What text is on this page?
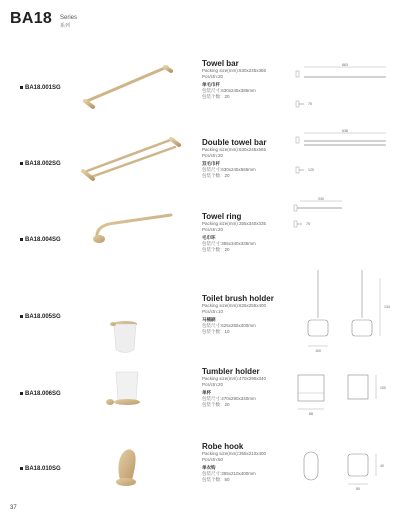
BA18 Series
系列
BA18.001SG
Towel bar
Packing size(mm):630x245x385
Pcs/ctn:20
单毛巾杆
包装尺寸:630x245x385mm
包装个数：20
663
75
BA18.002SG
Double towel bar
Packing size(mm):630x245x565
Pcs/ctn:20
双毛巾杆
包装尺寸:630x245x565mm
包装个数：20
638
120
BA18.004SG
Towel ring
Packing size(mm):355x340x335
Pcs/ctn:20
毛巾环
包装尺寸:355x340x335mm
包装个数：20
230
75
BA18.005SG
Toilet brush holder
Packing size(mm):625x255x400
Pcs/ctn:10
马桶刷
包装尺寸:625x255x400mm
包装个数：10
100
134
BA18.006SG
Tumbler holder
Packing size(mm):470x290x340
Pcs/ctn:20
单杯
包装尺寸:470x290x340mm
包装个数：20
88
100
BA18.010SG
Robe hook
Packing size(mm):355x210x400
Pcs/ctn:50
单衣钩
包装尺寸:355x210x400mm
包装个数：50
50
40
37
